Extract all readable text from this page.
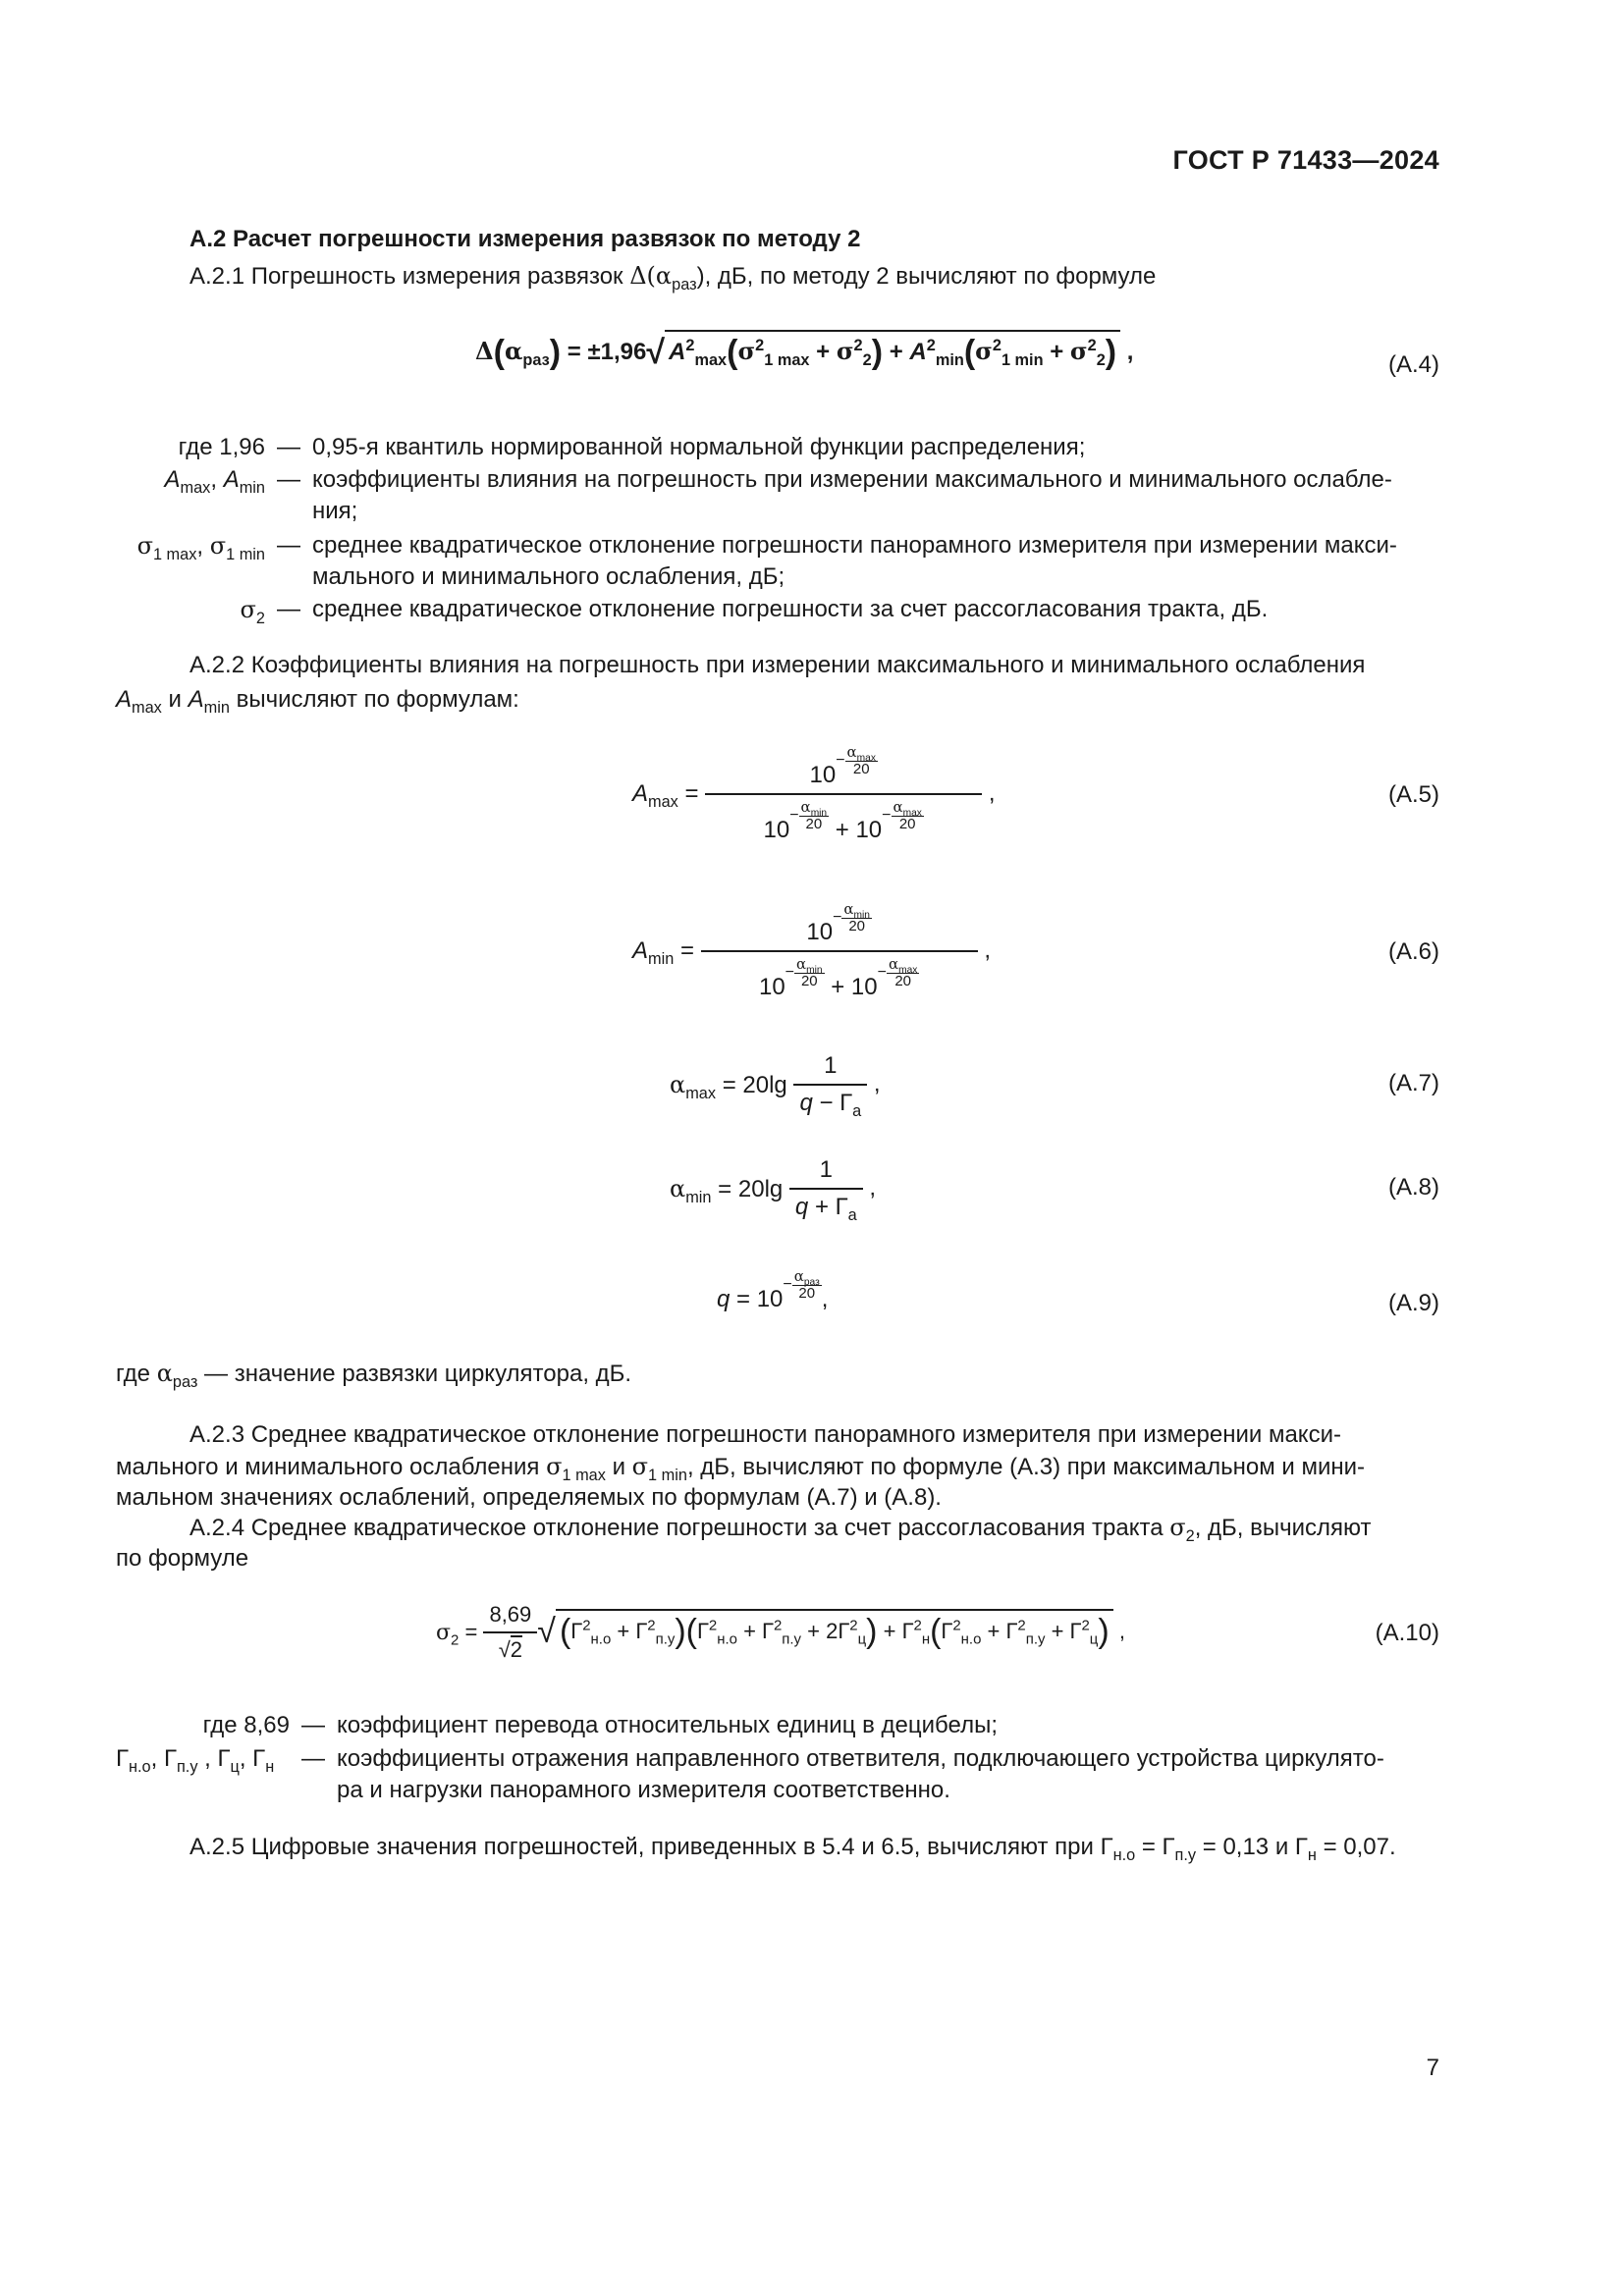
ГОСТ Р 71433—2024
А.2 Расчет погрешности измерения развязок по методу 2
А.2.1 Погрешность измерения развязок $\Delta(\alpha_{раз})$, дБ, по методу 2 вычисляют по формуле
$\Delta(\alpha_{раз}) = \pm 1,96√$ $A^2_{max}(\sigma^2_{1 max} + \sigma^2_2) + A^2_{min}(\sigma^2_{1 min} + \sigma^2_2)$ ,	(А.4)
где 1,96 — 0,95-я квантиль нормированной нормальной функции распределения;
$A_{max}$, $A_{min}$ — коэффициенты влияния на погрешность при измерении максимального и минимального ослабле-
ния;
$\sigma_{1 max}$, $\sigma_{1 min}$ — среднее квадратическое отклонение погрешности панорамного измерителя при измерении макси-
мального и минимального ослабления, дБ;
$\sigma_2$ — среднее квадратическое отклонение погрешности за счет рассогласования тракта, дБ.
А.2.2 Коэффициенты влияния на погрешность при измерении максимального и минимального ослабления
$A_{max}$ и $A_{min}$ вычисляют по формулам:
$A_{max} = 10- \alpha_{max}$
20
$10- \alpha_{min}$
$20 + 10- \alpha_{max}$
20 ,	(А.5)
$A_{min} = 10- \alpha_{min}$
20
$10- \alpha_{min}$
$20 + 10- \alpha_{max}$
20 ,	(А.6)
$\alpha_{max} = 20\lg \frac{1}{q - Г_а}$ ,	(А.7)
$\alpha_{min} = 20\lg \frac{1}{q + Г_а}$ ,	(А.8)
$q = 10- \alpha_{раз}$
20 ,	(А.9)
где $\alpha_{раз}$ — значение развязки циркулятора, дБ.
А.2.3 Среднее квадратическое отклонение погрешности панорамного измерителя при измерении макси-
мального и минимального ослабления $\sigma_{1 max}$ и $\sigma_{1 min}$, дБ, вычисляют по формуле (А.3) при максимальном и мини-
мальном значениях ослаблений, определяемых по формулам (А.7) и (А.8).
А.2.4 Среднее квадратическое отклонение погрешности за счет рассогласования тракта $\sigma_2$, дБ, вычисляют
по формуле
$\sigma_2 = \frac{8,69}{√2}$ √ $(Г^2_{н.о} + Г^2_{п.у})(Г^2_{н.о} + Г^2_{п.у} + 2Г^2_ц) + Г^2_н(Г^2_{н.о} + Г^2_{п.у} + Г^2_ц)$ ,	(А.10)
где 8,69 — коэффициент перевода относительных единиц в децибелы;
$Г_{н.о}$, $Г_{п.у}$ , $Г_ц$, $Г_н$	— коэффициенты отражения направленного ответвителя, подключающего устройства циркулято-
ра и нагрузки панорамного измерителя соответственно.
А.2.5 Цифровые значения погрешностей, приведенных в 5.4 и 6.5, вычисляют при $Г_{н.о} = Г_{п.у} = 0,13$ и $Г_н = 0,07$.
7
